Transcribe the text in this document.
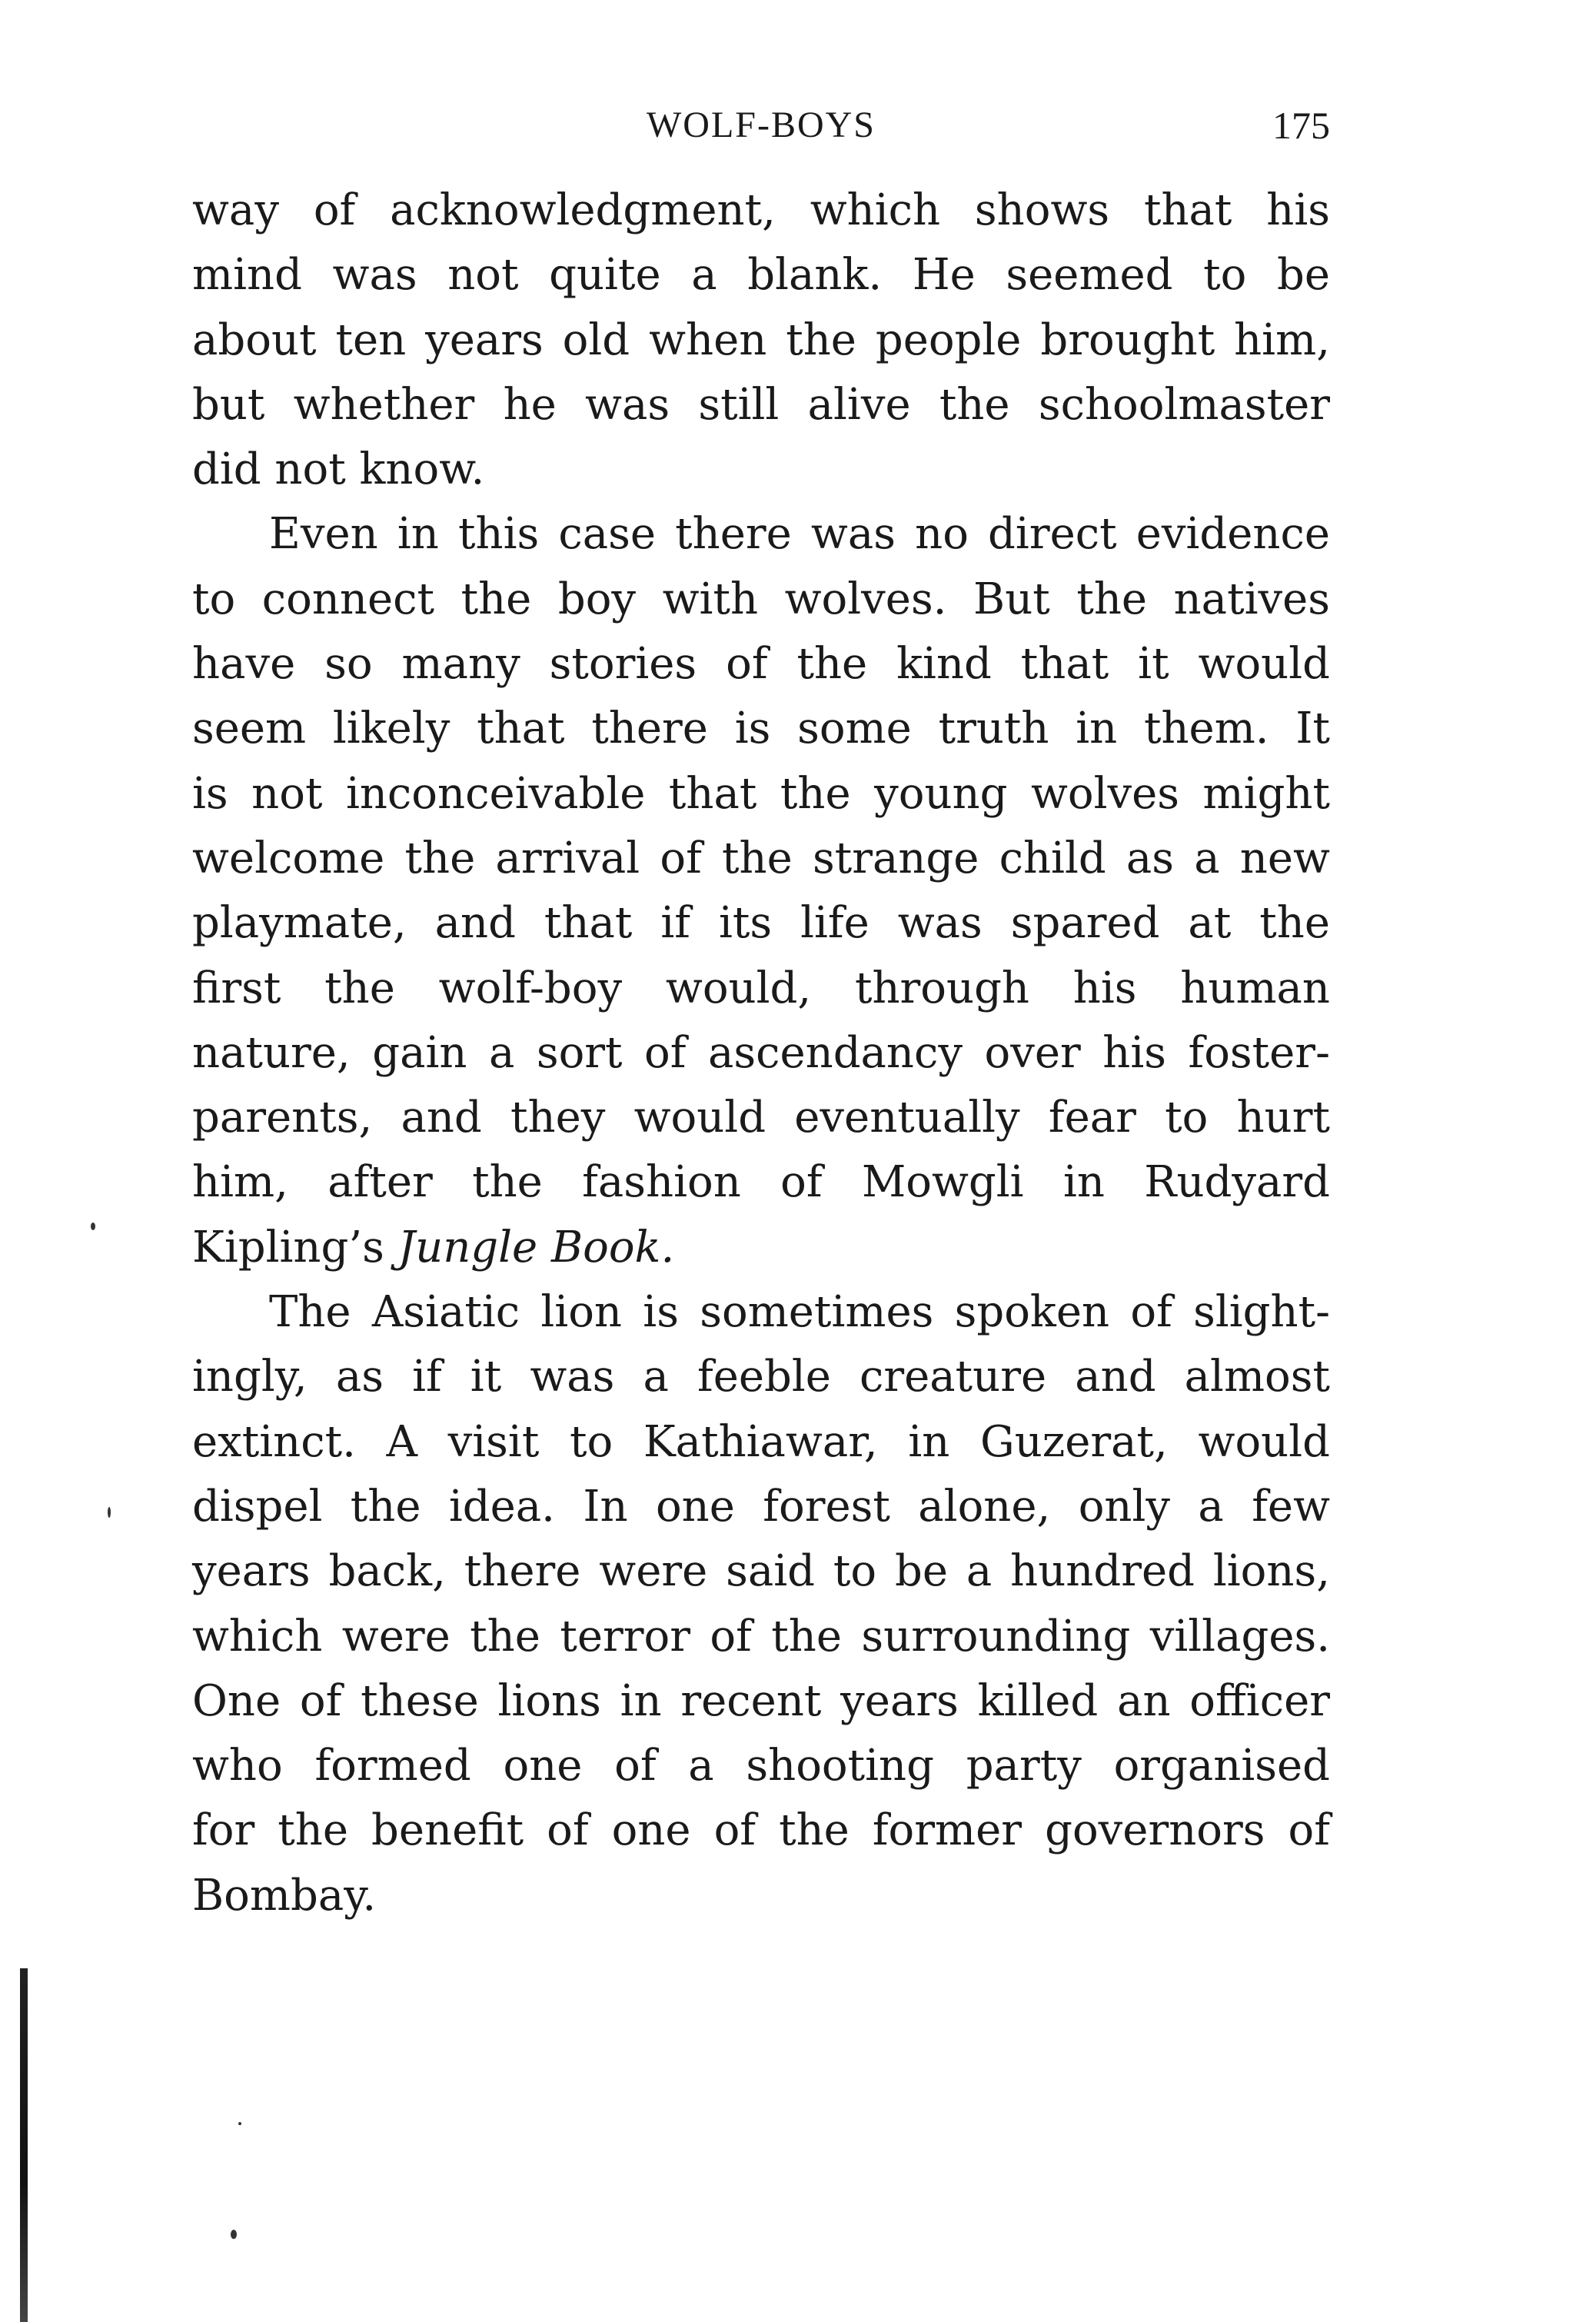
WOLF-BOYS	175
way of acknowledgment, which shows that his
mind was not quite a blank. He seemed to be
about ten years old when the people brought him,
but whether he was still alive the schoolmaster
did not know.
Even in this case there was no direct evidence
to connect the boy with wolves. But the natives
have so many stories of the kind that it would
seem likely that there is some truth in them. It
is not inconceivable that the young wolves might
welcome the arrival of the strange child as a new
playmate, and that if its life was spared at the
first the wolf-boy would, through his human
nature, gain a sort of ascendancy over his foster-
parents, and they would eventually fear to hurt
him, after the fashion of Mowgli in Rudyard
Kipling’s Jungle Book.
The Asiatic lion is sometimes spoken of slight-
ingly, as if it was a feeble creature and almost
extinct. A visit to Kathiawar, in Guzerat, would
dispel the idea. In one forest alone, only a few
years back, there were said to be a hundred lions,
which were the terror of the surrounding villages.
One of these lions in recent years killed an officer
who formed one of a shooting party organised
for the benefit of one of the former governors of
Bombay.
